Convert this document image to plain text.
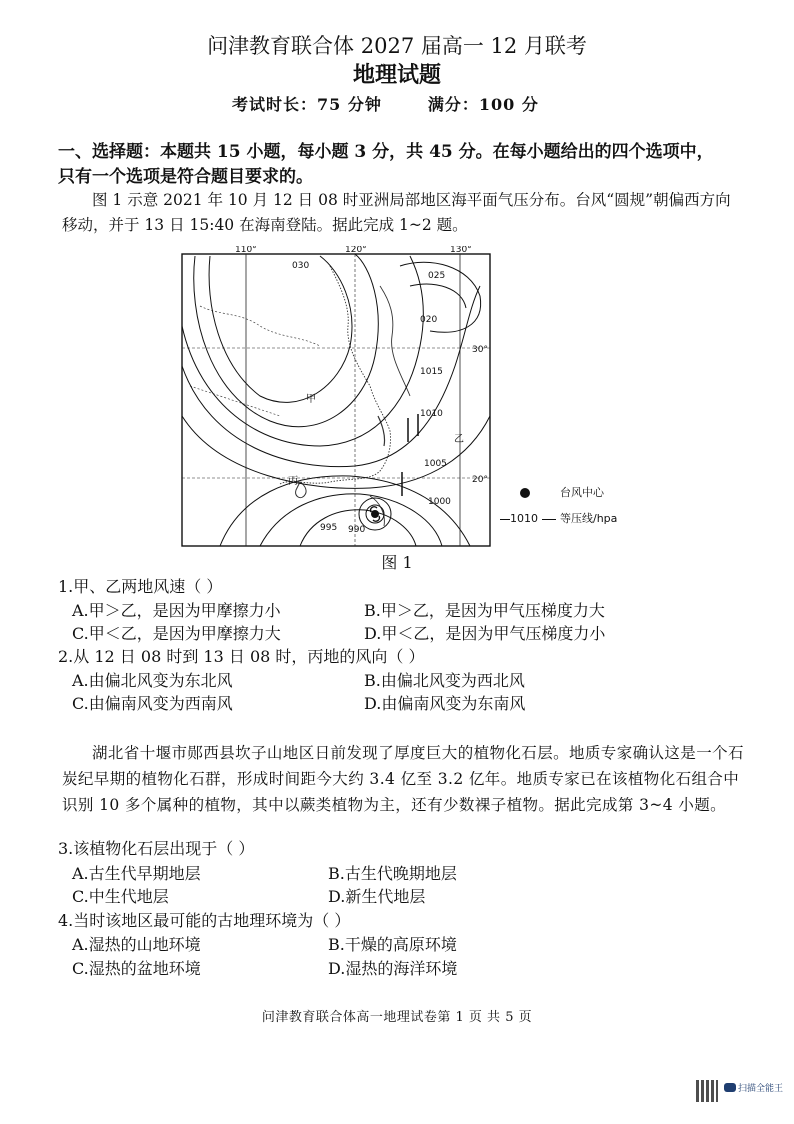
问津教育联合体 2027 届高一 12 月联考
地理试题
考试时长：75 分钟	满分：100 分
一、选择题：本题共 15 小题，每小题 3 分，共 45 分。在每小题给出的四个选项中，
只有一个选项是符合题目要求的。
图 1 示意 2021 年 10 月 12 日 08 时亚洲局部地区海平面气压分布。台风“圆规”朝偏西方向移动，并于 13 日 15:40 在海南登陆。据此完成 1~2 题。
110°	120°	130°
30°
20°
030
025
020
1015
1010
1005
1000
995 990
甲
乙
丙
台风中心
1010 等压线/hpa
图 1
1.甲、乙两地风速（ ）
A.甲＞乙，是因为甲摩擦力小	B.甲＞乙，是因为甲气压梯度力大
C.甲＜乙，是因为甲摩擦力大	D.甲＜乙，是因为甲气压梯度力小
2.从 12 日 08 时到 13 日 08 时，丙地的风向（ ）
A.由偏北风变为东北风	B.由偏北风变为西北风
C.由偏南风变为西南风	D.由偏南风变为东南风
湖北省十堰市郧西县坎子山地区日前发现了厚度巨大的植物化石层。地质专家确认这是一个石炭纪早期的植物化石群，形成时间距今大约 3.4 亿至 3.2 亿年。地质专家已在该植物化石组合中识别 10 多个属种的植物，其中以蕨类植物为主，还有少数裸子植物。据此完成第 3~4 小题。
3.该植物化石层出现于（ ）
A.古生代早期地层	B.古生代晚期地层
C.中生代地层	D.新生代地层
4.当时该地区最可能的古地理环境为（ ）
A.湿热的山地环境	B.干燥的高原环境
C.湿热的盆地环境	D.湿热的海洋环境
问津教育联合体高一地理试卷第 1 页 共 5 页
扫描全能王
